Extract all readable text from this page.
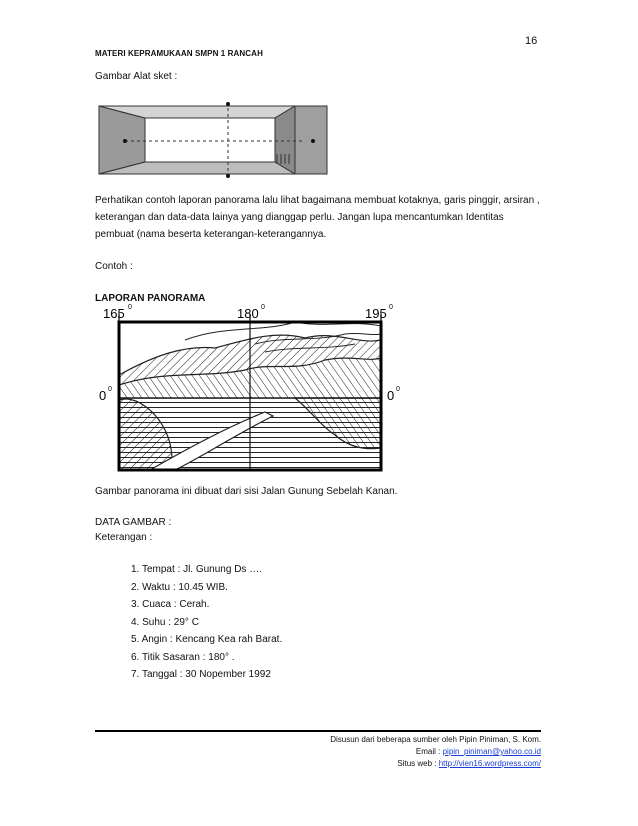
16
MATERI KEPRAMUKAAN SMPN 1 RANCAH
Gambar Alat sket :
Perhatikan contoh laporan panorama lalu lihat bagaimana membuat kotaknya, garis pinggir, arsiran ,
keterangan dan data-data lainya yang dianggap perlu. Jangan lupa mencantumkan Identitas
pembuat (nama beserta keterangan-keterangannya.
Contoh :
LAPORAN PANORAMA
165 0	180 0	195 0
0 0	0 0
Gambar panorama ini dibuat dari sisi Jalan Gunung Sebelah Kanan.
DATA GAMBAR :
Keterangan :
1. Tempat : Jl. Gunung Ds ….
2. Waktu : 10.45 WIB.
3. Cuaca : Cerah.
4. Suhu : 29° C
5. Angin : Kencang Kea rah Barat.
6. Titik Sasaran : 180° .
7. Tanggal : 30 Nopember 1992
Disusun dari beberapa sumber oleh Pipin Piniman, S. Kom.
Email : pipin_piniman@yahoo.co.id
Situs web : http://vien16.wordpress.com/
